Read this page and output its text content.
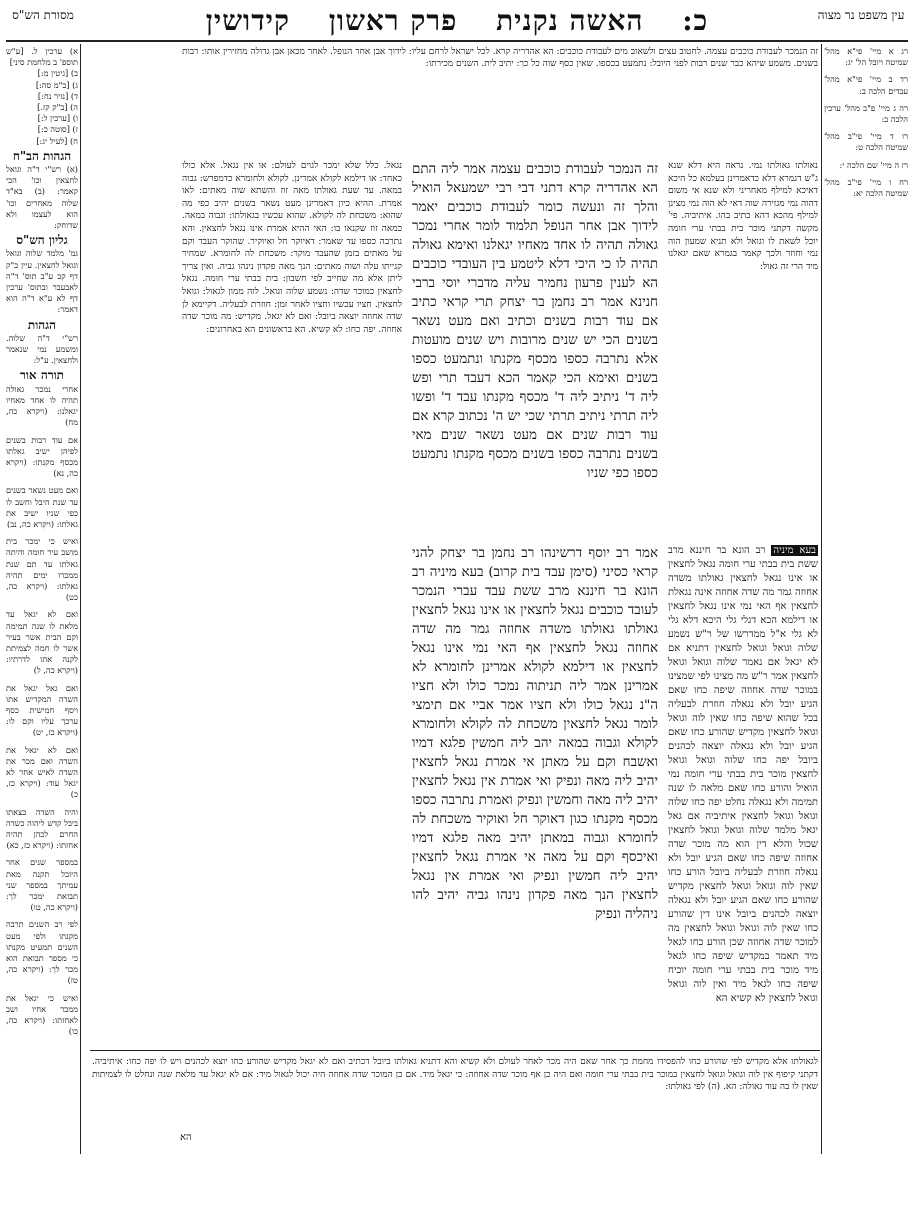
עין משפט נר מצוה
מסורת הש"ס	כ: האשה נקנית פרק ראשון קידושין
רג א מיי' פי"א מהל' שמיטה ויובל הל' יג:
רד ב מיי' פי"א מהל' עבדים הלכה ב:
רה ג מיי' פ"ב מהל' ערכין הלכה ב:
רו ד מיי' פי"ב מהל' שמיטה הלכה ט:
רז ה מיי' שם הלכה י:
רח ו מיי' פי"ב מהל' שמיטה הלכה יא:
זה הנמכר לעבודת כוכבים עצמה. לחטוב עצים ולשאוב מים לעבודת כוכבים: הא אהדריה קרא. לכל ישראל לרחם עליו: לידוך אבן אחר הנופל. לאחר מכאן אבן גדולה מחזירין אותו: רבות בשנים. משמע שיהא כבר שנים רבות לפני היובל: נתמעט בכספו. שאין כסף שוה כל כך: יתיב לית. השנים מכירתו:
נאולתו גאולתו נמי. נראה היא דלא שנא ג"ש דגמרא דלא כדאמרינן בעלמא כל היכא דאיכא למילף מאחריני ולא שנא אי משום דהוה נמי מגזירה שוה דאי לא הוה נמי מצינן למילף מהכא דהא כתיב בהו. איתיביה. פי' מקשה דקתני מוכר בית בבתי ערי חומה יוכל לשאת לו וגואל ולא תניא שמעון הוה נמי וחוזר ולכך קאמר בגמרא שאם יגאלנו מיד הרי זה גאול:
זה הנמכר לעבודת כוכבים עצמה אמר ליה התם הא אהדריה קרא דתני דבי רבי ישמעאל הואיל והלך זה ונעשה כומר לעבודת כוכבים יאמר לידוך אבן אחר הנופל תלמוד לומר אחרי נמכר גאולה תהיה לו אחד מאחיו יגאלנו ואימא גאולה תהיה לו כי היכי דלא ליטמע בין העובדי כוכבים הא לענין פרעון נחמיר עליה מדברי יוסי ברבי חנינא אמר רב נחמן בר יצחק תרי קראי כתיב אם עוד רבות בשנים וכתיב ואם מעט נשאר בשנים הכי יש שנים מרובות ויש שנים מועטות אלא נתרבה כספו מכסף מקנתו ונתמעט כספו בשנים ואימא הכי קאמר הכא דעבד תרי ופש ליה ד' ניתיב ליה ד' מכסף מקנתו עבד ד' ופשו ליה תרתי ניתיב תרתי שכי יש ה' נכתוב קרא אם עוד רבות שנים אם מעט נשאר שנים מאי בשנים נתרבה כספו בשנים מכסף מקנתו נתמעט כספו כפי שניו
נגאל. כלל שלא ימכר לגוים לעולם: או אין נגאל. אלא כולו כאחד: או דילמא לקולא אמרינן. לקולא ולחומרא כדמפרש: גבוה במאה. עד שעת גאולתו מאה זוז והשתא שוה מאתים: לאו אמרת. ההיא כיון דאמרינן מעט נשאר בשנים יהיב כפי מה שהוא: משכחת לה לקולא. שהוא עכשיו בגאולתו: וגבוה במאה. כמאה זוז שקנאו בו: האי ההיא אמרת אינו נגאל לחצאין. והא נתרבה כספו עד שאמר: דאיוקר חל ואיוקיר. שהוקר העבד וקם על מאתים בזמן שהעבד מוקר: משכחת לה לחומרא. שמחיר קנייתו עלה ושוה מאתים: הנך מאה פקדון נינהו גביה. ואין צריך ליתן אלא מה שחייב לפי חשבון: בית בבתי ערי חומה. נגאל לחצאין כמוכר שדה: נשמע שלוה וגואל. לוה ממון לגאול: וגואל לחצאין. חציו עכשיו וחציו לאחר זמן: חוזרת לבעליה. דקיימא לן שדה אחוזה יוצאה ביובל: ואם לא יגאל. מקדיש: מה מוכר שדה אחוזה. יפה כחו: לא קשיא. הא בראשונים הא באחרונים:
אמר רב יוסף דרשינהו רב נחמן בר יצחק להני קראי כסיני (סימן עבד בית קרוב) בעא מיניה רב הונא בר חיננא מרב ששת עבד עברי הנמכר לעובד כוכבים נגאל לחצאין או אינו נגאל לחצאין גאולתו גאולתו משדה אחוזה גמר מה שדה אחוזה נגאל לחצאין אף האי נמי אינו נגאל לחצאין או דילמא לקולא אמרינן לחומרא לא אמרינן אמר ליה תניתוה נמכר כולו ולא חציו ה"נ נגאל כולו ולא חציו אמר אביי אם תימצי לומר נגאל לחצאין משכחת לה לקולא ולחומרא לקולא וגבוה במאה יהב ליה חמשין פלגא דמיו ואשבח וקם על מאתן אי אמרת נגאל לחצאין יהיב ליה מאה ונפיק ואי אמרת אין נגאל לחצאין יהיב ליה מאה וחמשין ונפיק ואמרת נתרבה כספו מכסף מקנתו כגון דאוקר חל ואוקיר משכחת לה לחומרא וגבוה במאתן יהיב מאה פלגא דמיו ואיכסף וקם על מאה אי אמרת נגאל לחצאין יהיב ליה חמשין ונפיק ואי אמרת אין נגאל לחצאין הנך מאה פקדון נינהו גביה יהיב להו ניהליה ונפיק
בעא מיניה רב הונא בר חיננא מרב ששת בית בבתי ערי חומה נגאל לחצאין או אינו נגאל לחצאין גאולתו משדה אחוזה גמר מה שדה אחוזה אינה נגאלת לחצאין אף האי נמי אינו נגאל לחצאין או דילמא הכא דגלי גלי היכא דלא גלי לא גלי א"ל ממדרשו של ר"ש נשמע שלוה וגואל וגואל לחצאין דתניא אם לא יגאל אם נאמר שלוה וגואל וגואל לחצאין אמר ר"ש מה מצינו לפי שמצינו במוכר שדה אחוזה שיפה כחו שאם הגיע יובל ולא נגאלה חוזרת לבעליה בכל שהוא שיפה כחו שאין לוה וגואל וגואל לחצאין מקדיש שהורע כחו שאם הגיע יובל ולא נגאלה יוצאה לכהנים ביובל יפה כחו שלוה וגואל וגואל לחצאין מוכר בית בבתי ערי חומה נמי הואיל והורע כחו שאם מלאה לו שנה תמימה ולא נגאלה נחלט יפה כחו שלוה וגואל וגואל לחצאין איתיביה אם גאל יגאל מלמד שלוה וגואל וגואל לחצאין שכול והלא דין הוא מה מוכר שדה אחוזה שיפה כחו שאם הגיע יובל ולא נגאלה חוזרת לבעליה ביובל הורע כחו שאין לוה וגואל וגואל לחצאין מקדיש שהורע כחו שאם הגיע יובל ולא נגאלה יוצאה לכהנים ביובל אינו דין שהורע כחו שאין לוה וגואל וגואל לחצאין מה למוכר שדה אחוזה שכן הורע כחו לגאל מיד תאמר במקדיש שיפה כחו לגאל מיד מוכר בית בבתי ערי חומה יוכיח שיפה כחו לגאל מיד ואין לוה וגואל וגואל לחצאין לא קשיא הא
א) ערכין ל. [ע"ש תוספ' ב מלחמת סיני]
ב) [גיטין מ:]
ג) [ב"מ סה:]
ד) [נזיר נח:]
ה) [ב"ק קז.]
ו) [ערכין ל:]
ז) [סוטה כ:]
ח) [לעיל יג:]
הגהות הב"ח
(א) רש"י ד"ה וגואל לחצאין וכו' הכי קאמר: (ב) בא"ד שלוה מאחרים וכו' הוא לעצמו ולא שדוחק:
גליון הש"ס
גמ' מלמד שלוה וגואל וגואל לחצאין. עיין ב"ק דף קב ע"ב תוס' ד"ה לאבעבר ובתוס' ערכין דף לא ע"א ד"ה הוא דאמר:
הגהות
רש"י ד"ה שלוה. ומשמע נמי שנאמר ולחצאין. ע"ל:
תורה אור
אחרי נמכר גאולה תהיה לו אחד מאחיו יגאלנו: (ויקרא כה, מח)
אם עוד רבות בשנים לפיהן ישיב גאלתו מכסף מקנתו: (ויקרא כה, נא)
ואם מעט נשאר בשנים עד שנת היבל וחשב לו כפי שניו ישיב את גאלתו: (ויקרא כה, נב)
ואיש כי ימכר בית מושב עיר חומה והיתה גאלתו עד תם שנת ממכרו ימים תהיה גאלתו: (ויקרא כה, כט)
ואם לא יגאל עד מלאת לו שנה תמימה וקם הבית אשר בעיר אשר לו חמה לצמיתת לקנה אתו לדרתיו: (ויקרא כה, ל)
ואם גאל יגאל את השדה המקדיש אתו ויסף חמישית כסף ערכך עליו וקם לו: (ויקרא כז, יט)
ואם לא יגאל את השדה ואם מכר את השדה לאיש אחר לא יגאל עוד: (ויקרא כז, כ)
והיה השדה בצאתו ביבל קדש ליהוה כשדה החרם לכהן תהיה אחזתו: (ויקרא כז, כא)
במספר שנים אחר היובל תקנה מאת עמיתך במספר שני תבואת ימכר לך: (ויקרא כה, טו)
לפי רב השנים תרבה מקנתו ולפי מעט השנים תמעיט מקנתו כי מספר תבואת הוא מכר לך: (ויקרא כה, טז)
ואיש כי יגאל את ממכר אחיו ושב לאחזתו: (ויקרא כה, כו)
לגאולתו אלא מקדיש לפי שהורע כחו להפסידו מחמת כך אחר שאם היה מכר לאחר לעולם ולא קשיא והא דתניא גאולתו ביובל דכתיב ואם לא יגאל מקדיש שהורע כחו יוצא לכהנים ויש לו יפה כחו: איתיביה. דקתני קיפוף אין לוה וגואל וגואל לחצאין במוכר בית בבתי ערי חומה ואם היה כן אף מוכר שדה אחוזה: כי יגאל מיד. אם כן המוכר שדה אחוזה היה יכול לגאול מיד: אם לא יגאל עד מלאת שנה ונחלט לו לצמיתות שאין לו בה עוד גאולה: הא. (ה) לפי גאולתו:
הא
